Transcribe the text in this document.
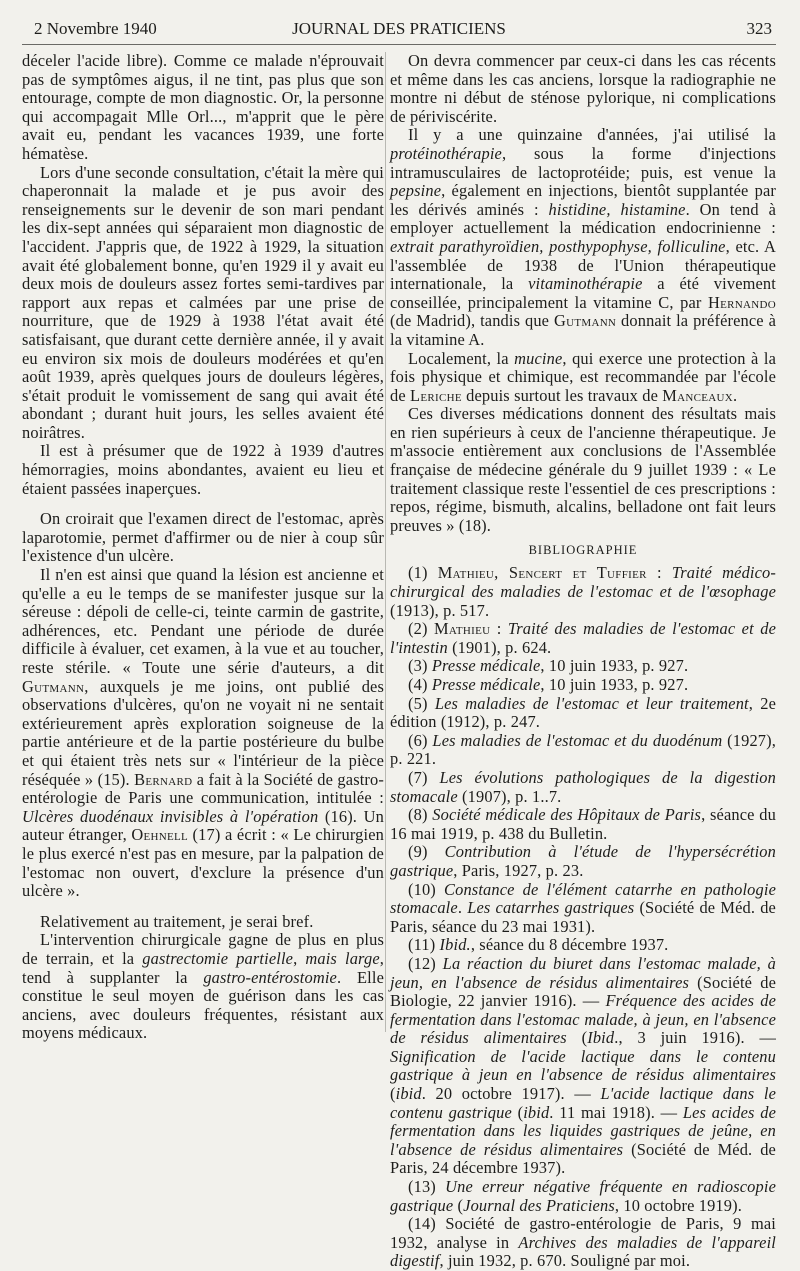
2 Novembre 1940	JOURNAL DES PRATICIENS	323

déceler l'acide libre). Comme ce malade n'éprouvait pas de symptômes aigus, il ne tint, pas plus que son entourage, compte de mon diagnostic. Or, la personne qui accompagait Mlle Orl..., m'apprit que le père avait eu, pendant les vacances 1939, une forte hématèse.

Lors d'une seconde consultation, c'était la mère qui chaperonnait la malade et je pus avoir des renseignements sur le devenir de son mari pendant les dix-sept années qui séparaient mon diagnostic de l'accident. J'appris que, de 1922 à 1929, la situation avait été globalement bonne, qu'en 1929 il y avait eu deux mois de douleurs assez fortes semi-tardives par rapport aux repas et calmées par une prise de nourriture, que de 1929 à 1938 l'état avait été satisfaisant, que durant cette dernière année, il y avait eu environ six mois de douleurs modérées et qu'en août 1939, après quelques jours de douleurs légères, s'était produit le vomissement de sang qui avait été abondant ; durant huit jours, les selles avaient été noirâtres.

Il est à présumer que de 1922 à 1939 d'autres hémorragies, moins abondantes, avaient eu lieu et étaient passées inaperçues.

On croirait que l'examen direct de l'estomac, après laparotomie, permet d'affirmer ou de nier à coup sûr l'existence d'un ulcère.

Il n'en est ainsi que quand la lésion est ancienne et qu'elle a eu le temps de se manifester jusque sur la séreuse : dépoli de celle-ci, teinte carmin de gastrite, adhérences, etc. Pendant une période de durée difficile à évaluer, cet examen, à la vue et au toucher, reste stérile. « Toute une série d'auteurs, a dit Gutmann, auxquels je me joins, ont publié des observations d'ulcères, qu'on ne voyait ni ne sentait extérieurement après exploration soigneuse de la partie antérieure et de la partie postérieure du bulbe et qui étaient très nets sur « l'intérieur de la pièce réséquée » (15). Bernard a fait à la Société de gastro-entérologie de Paris une communication, intitulée : Ulcères duodénaux invisibles à l'opération (16). Un auteur étranger, Oehnell (17) a écrit : « Le chirurgien le plus exercé n'est pas en mesure, par la palpation de l'estomac non ouvert, d'exclure la présence d'un ulcère ».

Relativement au traitement, je serai bref.

L'intervention chirurgicale gagne de plus en plus de terrain, et la gastrectomie partielle, mais large, tend à supplanter la gastro-entérostomie. Elle constitue le seul moyen de guérison dans les cas anciens, avec douleurs fréquentes, résistant aux moyens médicaux.

On devra commencer par ceux-ci dans les cas récents et même dans les cas anciens, lorsque la radiographie ne montre ni début de sténose pylorique, ni complications de périviscérite.

Il y a une quinzaine d'années, j'ai utilisé la protéinothérapie, sous la forme d'injections intramusculaires de lactoprotéide; puis, est venue la pepsine, également en injections, bientôt supplantée par les dérivés aminés : histidine, histamine. On tend à employer actuellement la médication endocrinienne : extrait parathyroïdien, posthypophyse, folliculine, etc. A l'assemblée de 1938 de l'Union thérapeutique internationale, la vitaminothérapie a été vivement conseillée, principalement la vitamine C, par Hernando (de Madrid), tandis que Gutmann donnait la préférence à la vitamine A.

Localement, la mucine, qui exerce une protection à la fois physique et chimique, est recommandée par l'école de Leriche depuis surtout les travaux de Manceaux.

Ces diverses médications donnent des résultats mais en rien supérieurs à ceux de l'ancienne thérapeutique. Je m'associe entièrement aux conclusions de l'Assemblée française de médecine générale du 9 juillet 1939 : « Le traitement classique reste l'essentiel de ces prescriptions : repos, régime, bismuth, alcalins, belladone ont fait leurs preuves » (18).

BIBLIOGRAPHIE

(1) Mathieu, Sencert et Tuffier : Traité médico-chirurgical des maladies de l'estomac et de l'œsophage (1913), p. 517.

(2) Mathieu : Traité des maladies de l'estomac et de l'intestin (1901), p. 624.

(3) Presse médicale, 10 juin 1933, p. 927.

(4) Presse médicale, 10 juin 1933, p. 927.

(5) Les maladies de l'estomac et leur traitement, 2e édition (1912), p. 247.

(6) Les maladies de l'estomac et du duodénum (1927), p. 221.

(7) Les évolutions pathologiques de la digestion stomacale (1907), p. 1..7.

(8) Société médicale des Hôpitaux de Paris, séance du 16 mai 1919, p. 438 du Bulletin.

(9) Contribution à l'étude de l'hypersécrétion gastrique, Paris, 1927, p. 23.

(10) Constance de l'élément catarrhe en pathologie stomacale. Les catarrhes gastriques (Société de Méd. de Paris, séance du 23 mai 1931).

(11) Ibid., séance du 8 décembre 1937.

(12) La réaction du biuret dans l'estomac malade, à jeun, en l'absence de résidus alimentaires (Société de Biologie, 22 janvier 1916). — Fréquence des acides de fermentation dans l'estomac malade, à jeun, en l'absence de résidus alimentaires (Ibid., 3 juin 1916). — Signification de l'acide lactique dans le contenu gastrique à jeun en l'absence de résidus alimentaires (ibid. 20 octobre 1917). — L'acide lactique dans le contenu gastrique (ibid. 11 mai 1918). — Les acides de fermentation dans les liquides gastriques de jeûne, en l'absence de résidus alimentaires (Société de Méd. de Paris, 24 décembre 1937).

(13) Une erreur négative fréquente en radioscopie gastrique (Journal des Praticiens, 10 octobre 1919).

(14) Société de gastro-entérologie de Paris, 9 mai 1932, analyse in Archives des maladies de l'appareil digestif, juin 1932, p. 670. Souligné par moi.
